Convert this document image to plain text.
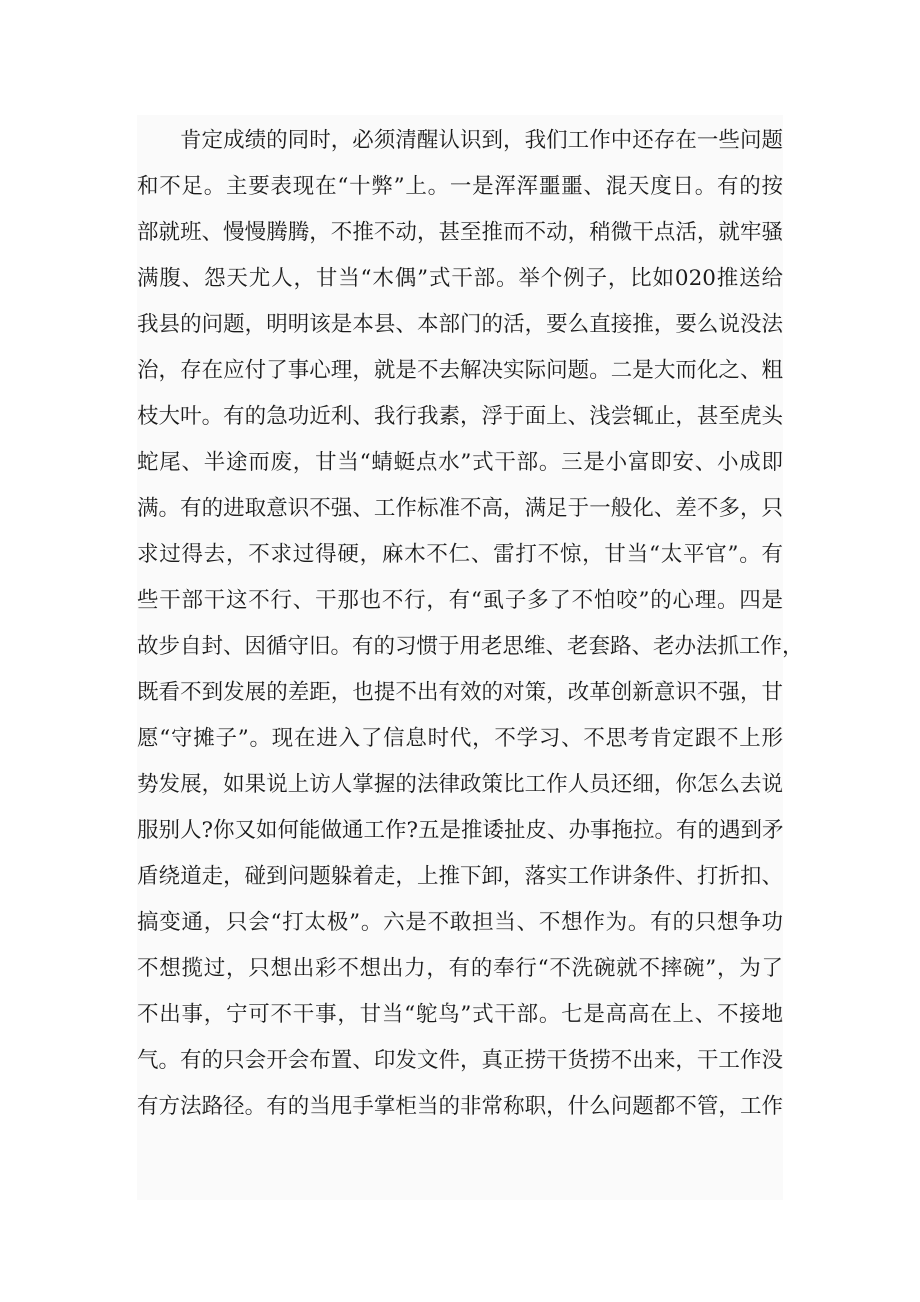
肯定成绩的同时，必须清醒认识到，我们工作中还存在一些问题
和不足。主要表现在“十弊”上。一是浑浑噩噩、混天度日。有的按
部就班、慢慢腾腾，不推不动，甚至推而不动，稍微干点活，就牢骚
满腹、怨天尤人，甘当“木偶”式干部。举个例子，比如020推送给
我县的问题，明明该是本县、本部门的活，要么直接推，要么说没法
治，存在应付了事心理，就是不去解决实际问题。二是大而化之、粗
枝大叶。有的急功近利、我行我素，浮于面上、浅尝辄止，甚至虎头
蛇尾、半途而废，甘当“蜻蜓点水”式干部。三是小富即安、小成即
满。有的进取意识不强、工作标准不高，满足于一般化、差不多，只
求过得去，不求过得硬，麻木不仁、雷打不惊，甘当“太平官”。有
些干部干这不行、干那也不行，有“虱子多了不怕咬”的心理。四是
故步自封、因循守旧。有的习惯于用老思维、老套路、老办法抓工作，
既看不到发展的差距，也提不出有效的对策，改革创新意识不强，甘
愿“守摊子”。现在进入了信息时代，不学习、不思考肯定跟不上形
势发展，如果说上访人掌握的法律政策比工作人员还细，你怎么去说
服别人?你又如何能做通工作?五是推诿扯皮、办事拖拉。有的遇到矛
盾绕道走，碰到问题躲着走，上推下卸，落实工作讲条件、打折扣、
搞变通，只会“打太极”。六是不敢担当、不想作为。有的只想争功
不想揽过，只想出彩不想出力，有的奉行“不洗碗就不摔碗”，为了
不出事，宁可不干事，甘当“鸵鸟”式干部。七是高高在上、不接地
气。有的只会开会布置、印发文件，真正捞干货捞不出来，干工作没
有方法路径。有的当甩手掌柜当的非常称职，什么问题都不管，工作
